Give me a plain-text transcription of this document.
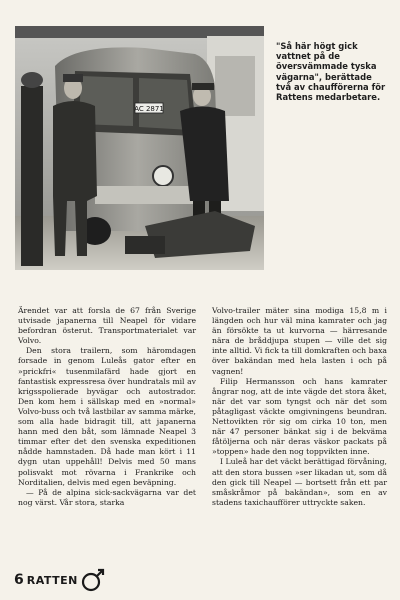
AC 2871
"Så här högt gick vattnet på de översvämmade tyska vägarna", berättade två av chaufförerna för Rattens medarbetare.

Ärendet var att forsla de 67 från Sverige utvisade japanerna till Neapel för vidare befordran österut. Transportmaterialet var Volvo.

Den stora trailern, som häromdagen forsade in genom Luleås gator efter en »prickfri« tusenmilafärd hade gjort en fantastisk expressresa över hundratals mil av krigsspolierade byvägar och autostrador. Den kom hem i sällskap med en »normal» Volvo-buss och två lastbilar av samma märke, som alla hade bidragit till, att japanerna hann med den båt, som lämnade Neapel 3 timmar efter det den svenska expeditionen nådde hamnstaden. Då hade man kört i 11 dygn utan uppehåll! Delvis med 50 mans polisvakt mot rövarna i Frankrike och Norditalien, delvis med egen beväpning.

— På de alpina sick-sackvägarna var det nog värst. Vår stora, starka

Volvo-trailer mäter sina modiga 15,8 m i längden och hur väl mina kamrater och jag än försökte ta ut kurvorna — härresande nära de bråddjupa stupen — ville det sig inte alltid. Vi fick ta till domkraften och baxa över bakändan med hela lasten i och på vagnen!

Filip Hermansson och hans kamrater ångrar nog, att de inte vägde det stora åket, när det var som tyngst och när det som påtagligast väckte omgivningens beundran. Nettovikten rör sig om cirka 10 ton, men när 47 personer bänkat sig i de bekväma fåtöljerna och när deras väskor packats på »toppen» hade den nog toppvikten inne.

I Luleå har det väckt berättigad förvåning, att den stora bussen »ser likadan ut, som då den gick till Neapel — bortsett från ett par småskråmor på bakändan», som en av stadens taxichaufförer uttryckte saken.

6 RATTEN
